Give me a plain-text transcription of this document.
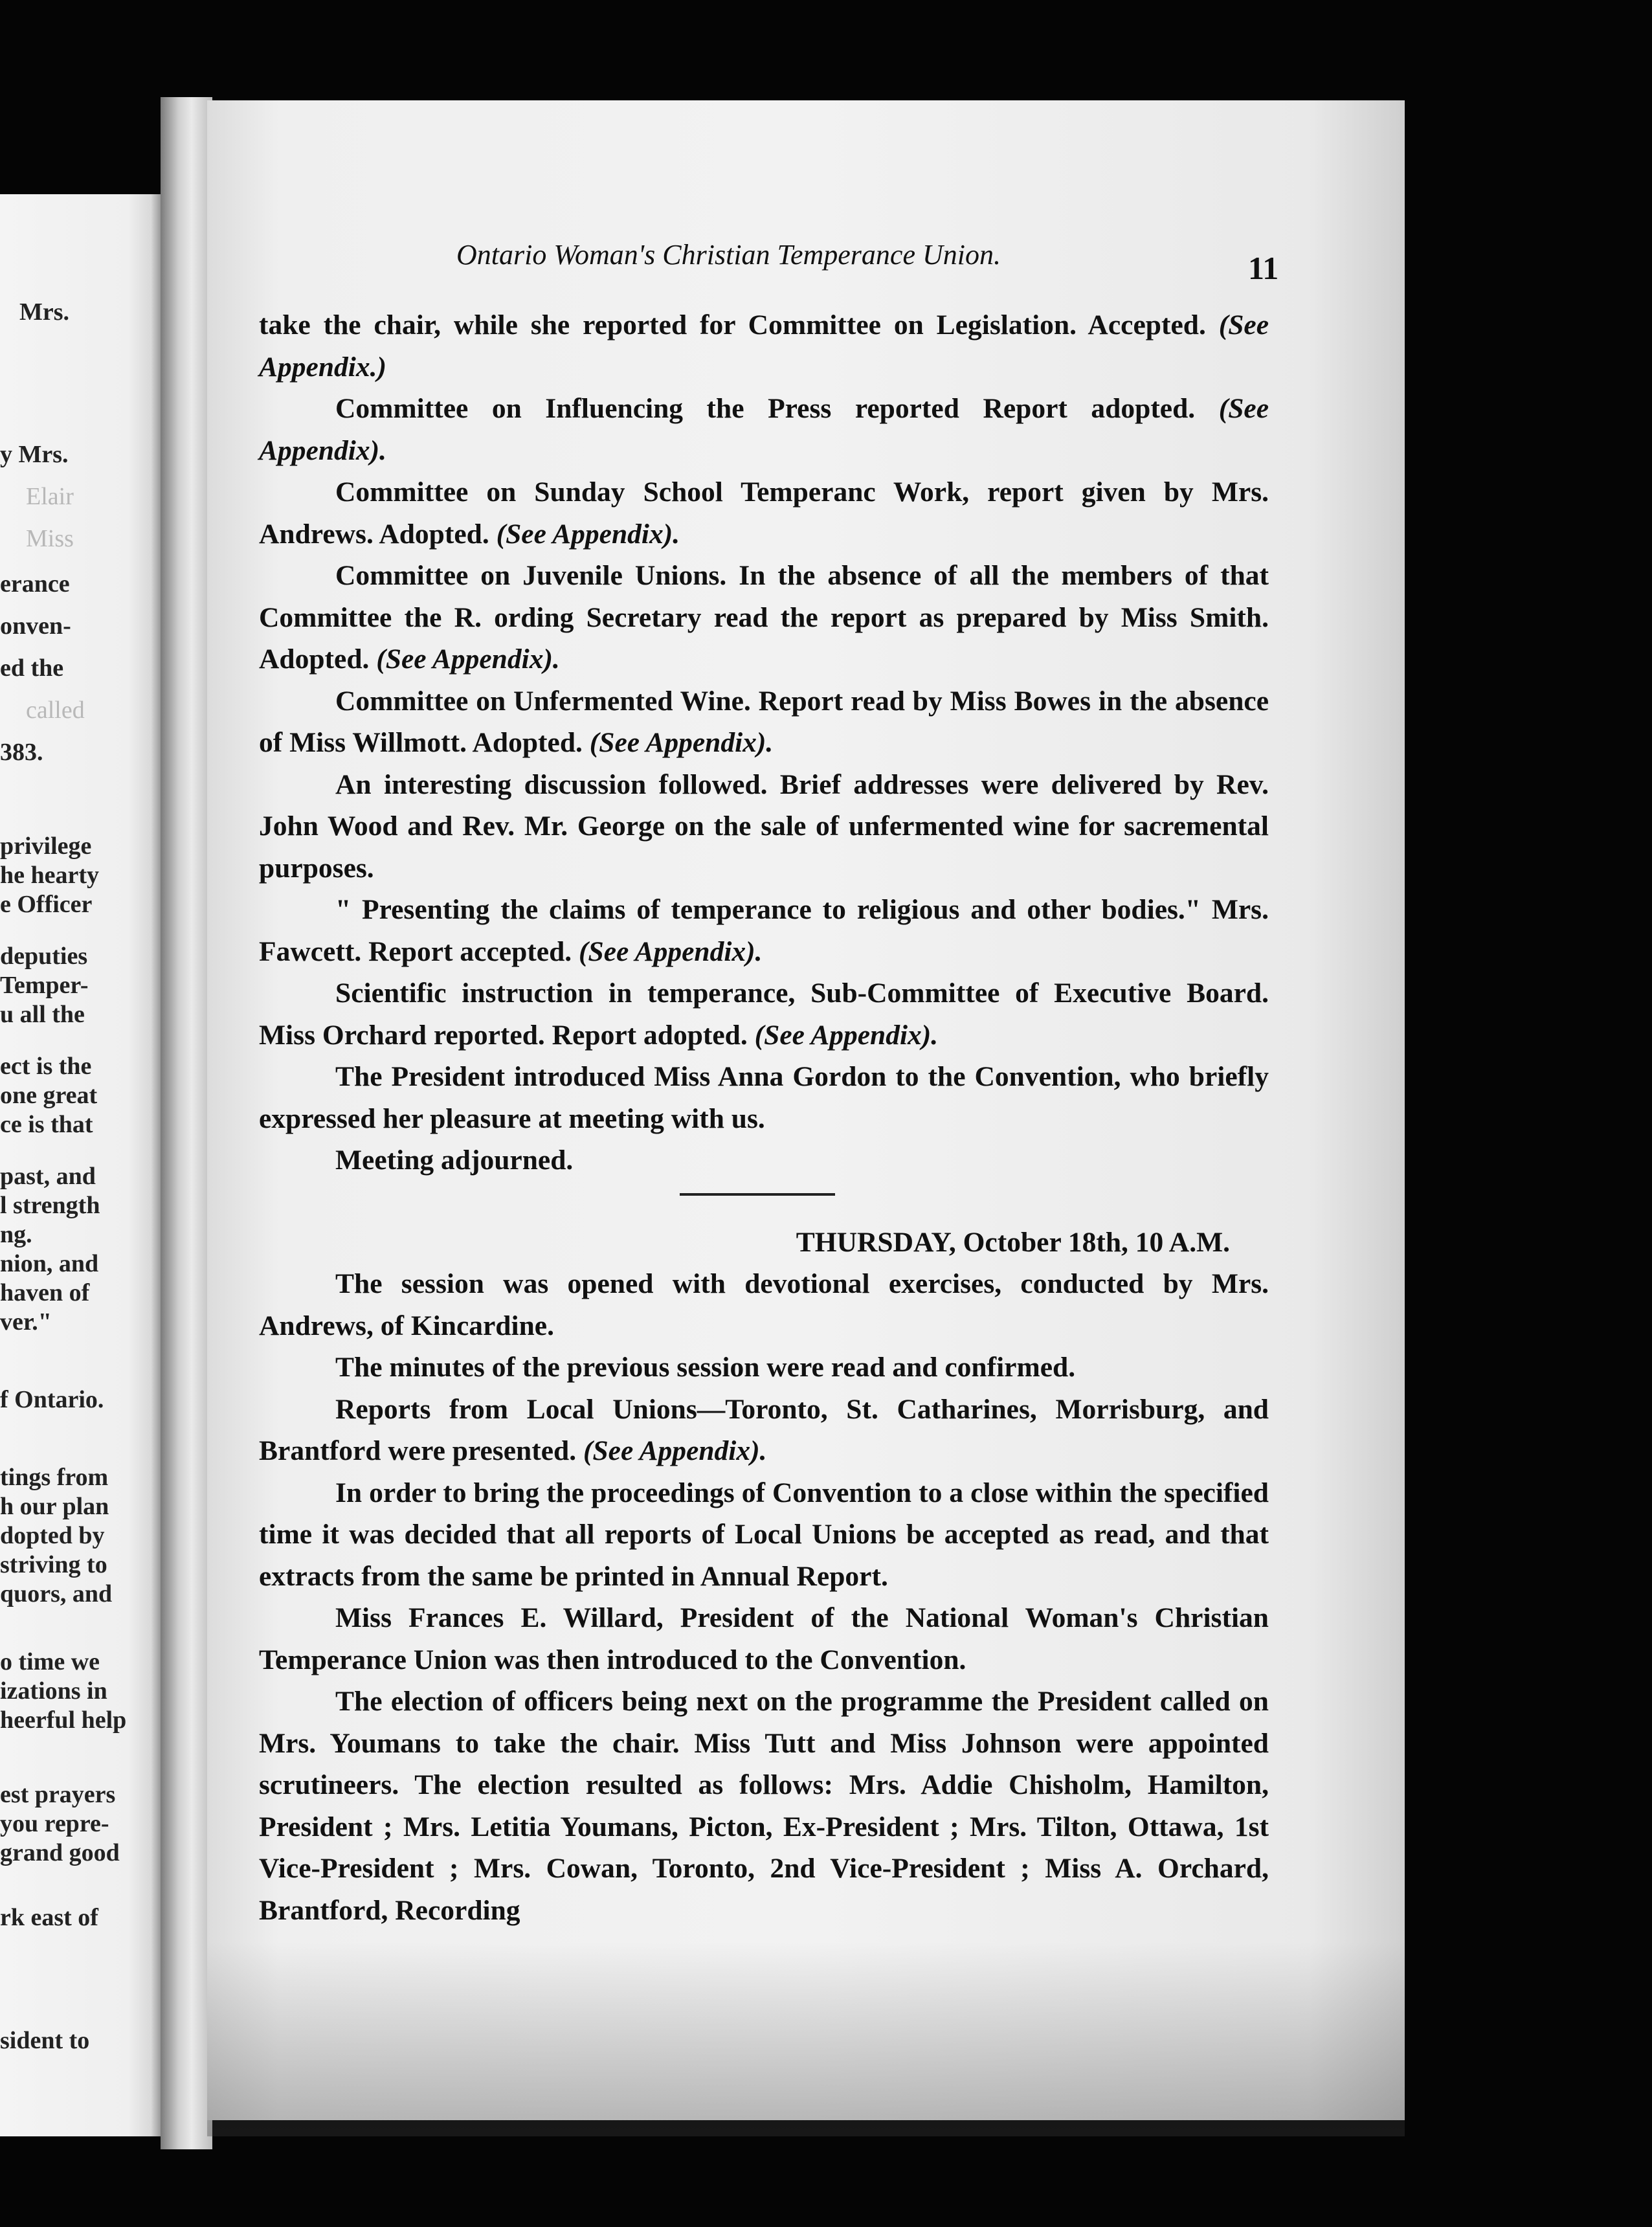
Mrs.
y Mrs.
Elair
Miss
erance
onven-
ed the
called
383.
privilege
he hearty
e Officer
deputies
Temper-
u all the
ect is the
one great
ce is that
past, and
l strength
ng.
nion, and
haven of
ver."
f Ontario.
tings from
h our plan
dopted by
striving to
quors, and
o time we
izations in
heerful help
est prayers
you repre-
grand good
rk east of
sident to
Ontario Woman's Christian Temperance Union.	11

take the chair, while she reported for Committee on Legislation. Accepted. (See Appendix.)

Committee on Influencing the Press reported Report adopted. (See Appendix).

Committee on Sunday School Temperanc Work, report given by Mrs. Andrews. Adopted. (See Appendix).

Committee on Juvenile Unions. In the absence of all the members of that Committee the R. ording Secretary read the report as prepared by Miss Smith. Adopted. (See Appendix).

Committee on Unfermented Wine. Report read by Miss Bowes in the absence of Miss Willmott. Adopted. (See Appendix).

An interesting discussion followed. Brief addresses were delivered by Rev. John Wood and Rev. Mr. George on the sale of unfermented wine for sacremental purposes.

" Presenting the claims of temperance to religious and other bodies." Mrs. Fawcett. Report accepted. (See Appendix).

Scientific instruction in temperance, Sub-Committee of Executive Board. Miss Orchard reported. Report adopted. (See Appendix).

The President introduced Miss Anna Gordon to the Convention, who briefly expressed her pleasure at meeting with us.

Meeting adjourned.

THURSDAY, October 18th, 10 A.M.

The session was opened with devotional exercises, conducted by Mrs. Andrews, of Kincardine.

The minutes of the previous session were read and confirmed.

Reports from Local Unions—Toronto, St. Catharines, Morrisburg, and Brantford were presented. (See Appendix).

In order to bring the proceedings of Convention to a close within the specified time it was decided that all reports of Local Unions be accepted as read, and that extracts from the same be printed in Annual Report.

Miss Frances E. Willard, President of the National Woman's Christian Temperance Union was then introduced to the Convention.

The election of officers being next on the programme the President called on Mrs. Youmans to take the chair. Miss Tutt and Miss Johnson were appointed scrutineers. The election resulted as follows: Mrs. Addie Chisholm, Hamilton, President ; Mrs. Letitia Youmans, Picton, Ex-President ; Mrs. Tilton, Ottawa, 1st Vice-President ; Mrs. Cowan, Toronto, 2nd Vice-President ; Miss A. Orchard, Brantford, Recording
